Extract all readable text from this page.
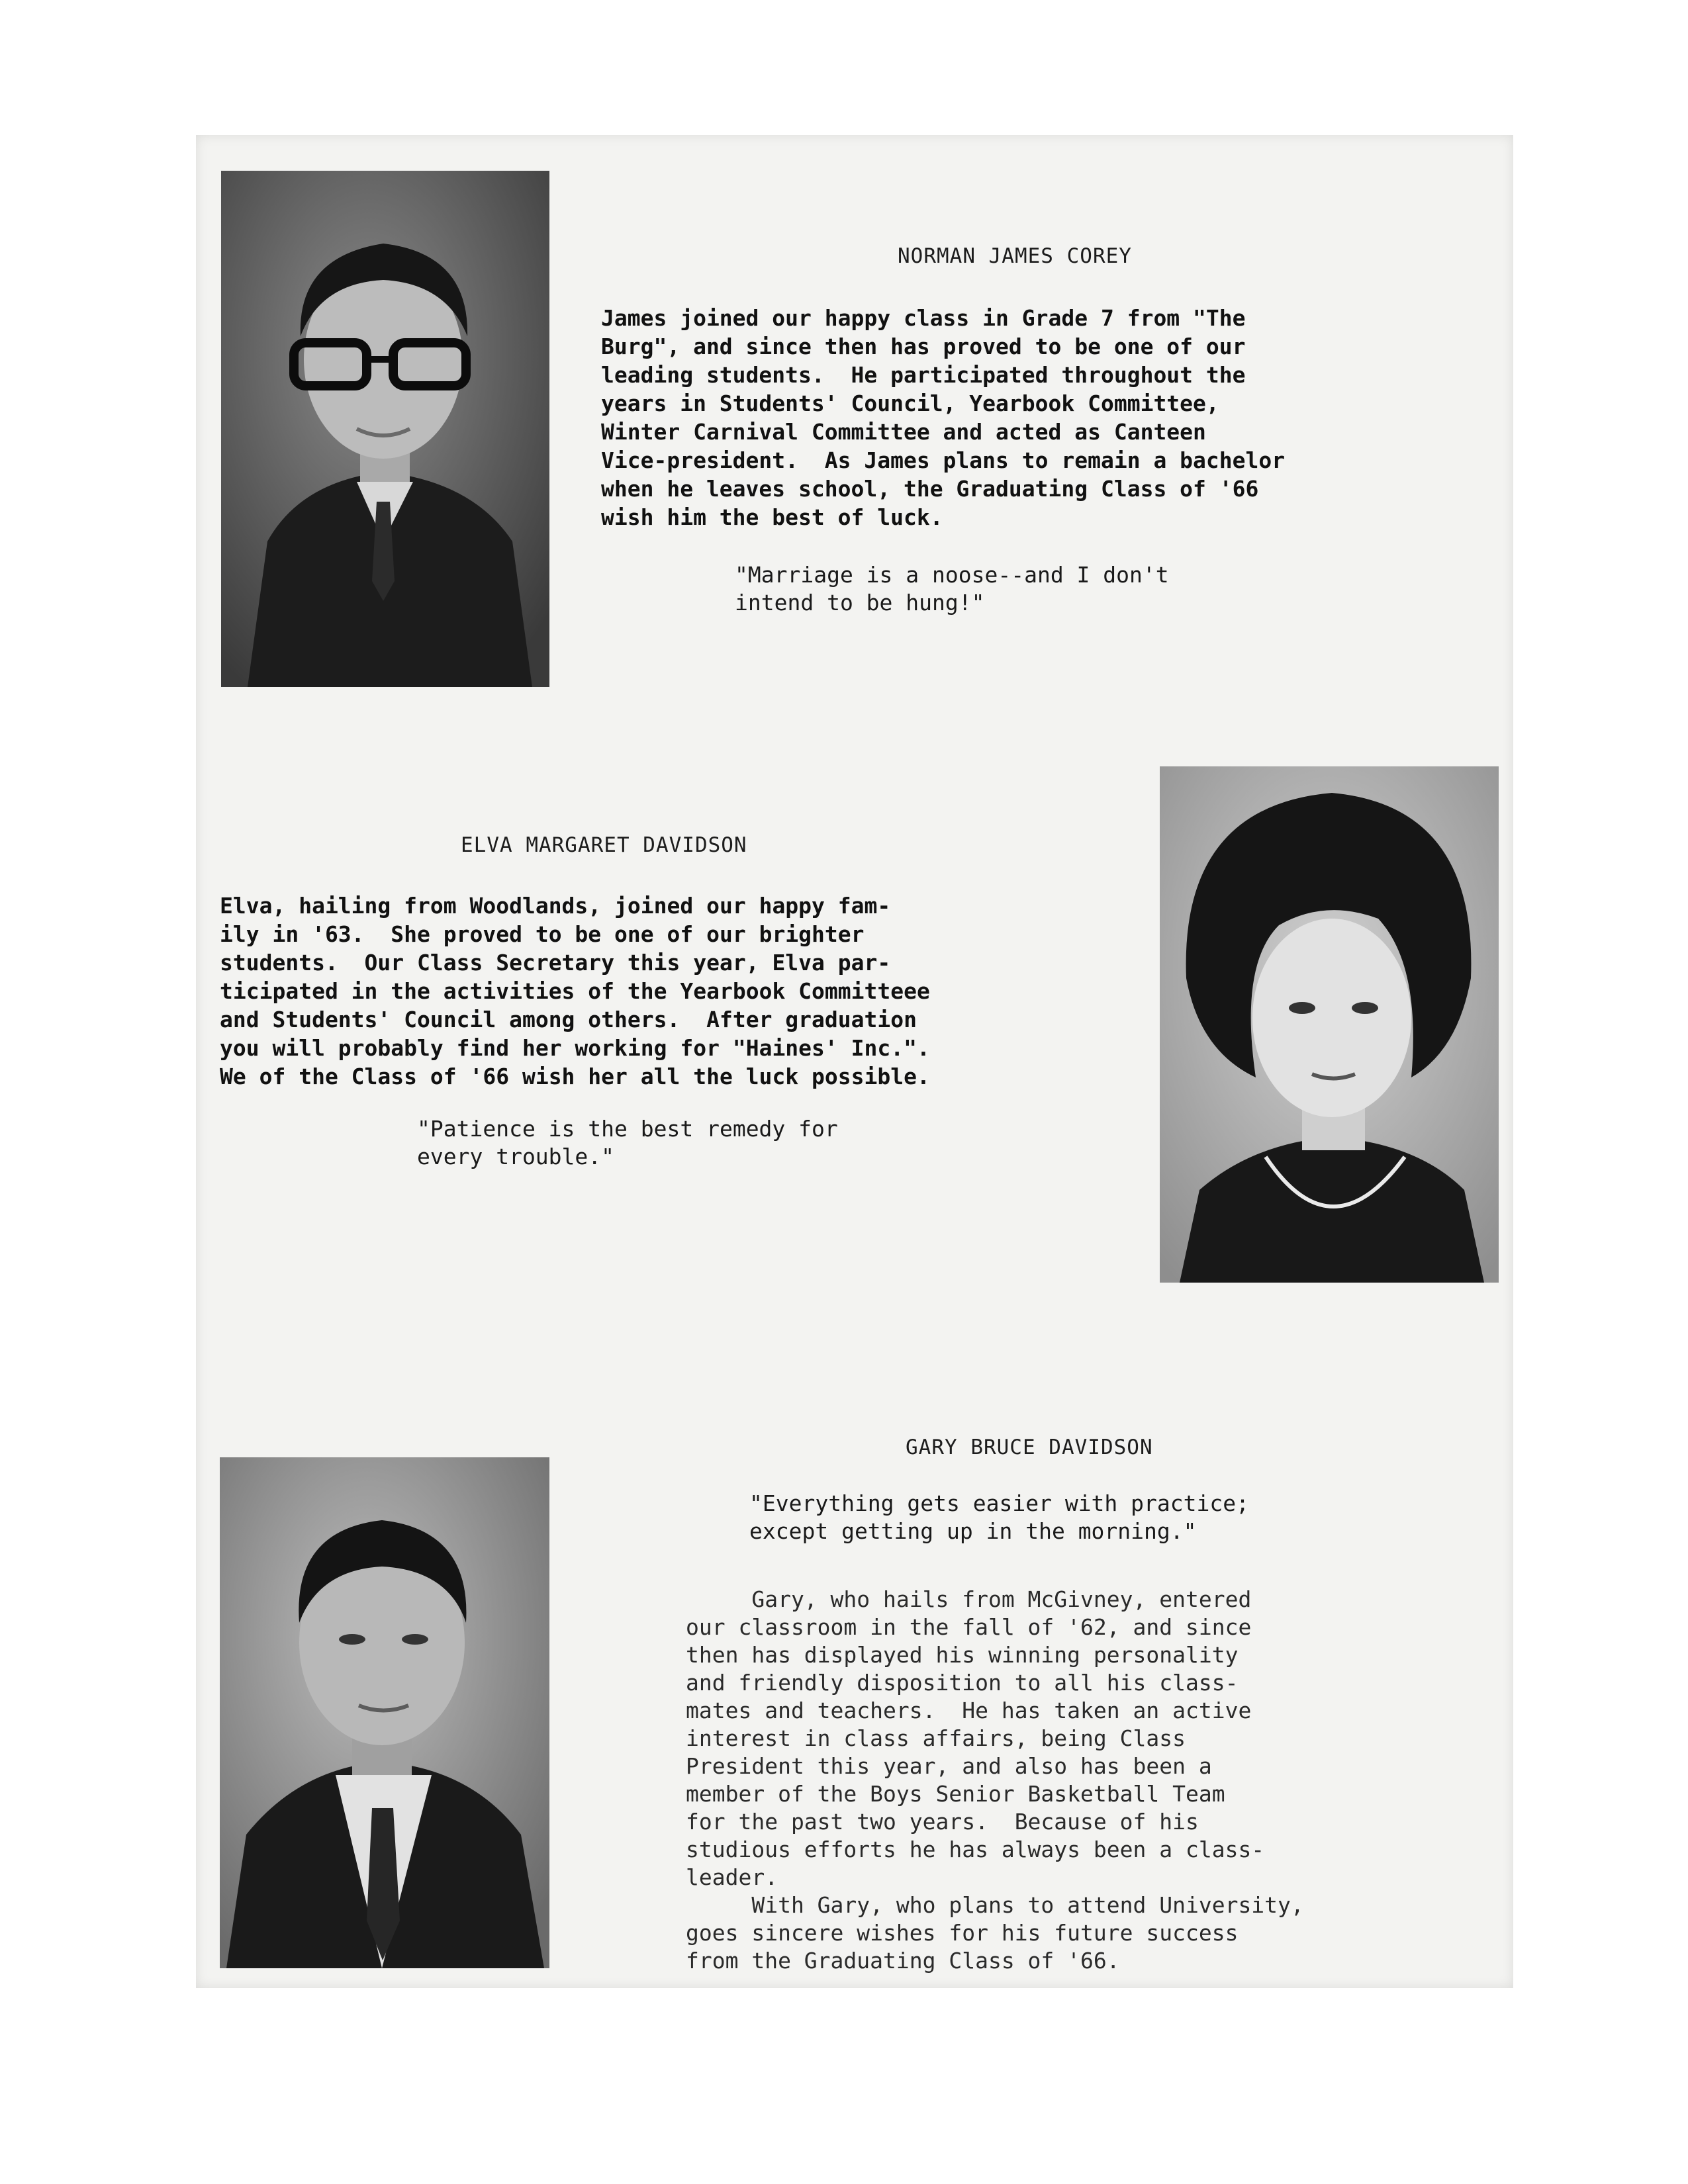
NORMAN JAMES COREY
James joined our happy class in Grade 7 from "The
Burg", and since then has proved to be one of our
leading students.  He participated throughout the
years in Students' Council, Yearbook Committee,
Winter Carnival Committee and acted as Canteen
Vice-president.  As James plans to remain a bachelor
when he leaves school, the Graduating Class of '66
wish him the best of luck.
"Marriage is a noose--and I don't
intend to be hung!"
ELVA MARGARET DAVIDSON
Elva, hailing from Woodlands, joined our happy fam-
ily in '63.  She proved to be one of our brighter
students.  Our Class Secretary this year, Elva par-
ticipated in the activities of the Yearbook Committeee
and Students' Council among others.  After graduation
you will probably find her working for "Haines' Inc.".
We of the Class of '66 wish her all the luck possible.
"Patience is the best remedy for
every trouble."
GARY BRUCE DAVIDSON
"Everything gets easier with practice;
except getting up in the morning."
Gary, who hails from McGivney, entered
our classroom in the fall of '62, and since
then has displayed his winning personality
and friendly disposition to all his class-
mates and teachers.  He has taken an active
interest in class affairs, being Class
President this year, and also has been a
member of the Boys Senior Basketball Team
for the past two years.  Because of his
studious efforts he has always been a class-
leader.
With Gary, who plans to attend University,
goes sincere wishes for his future success
from the Graduating Class of '66.
